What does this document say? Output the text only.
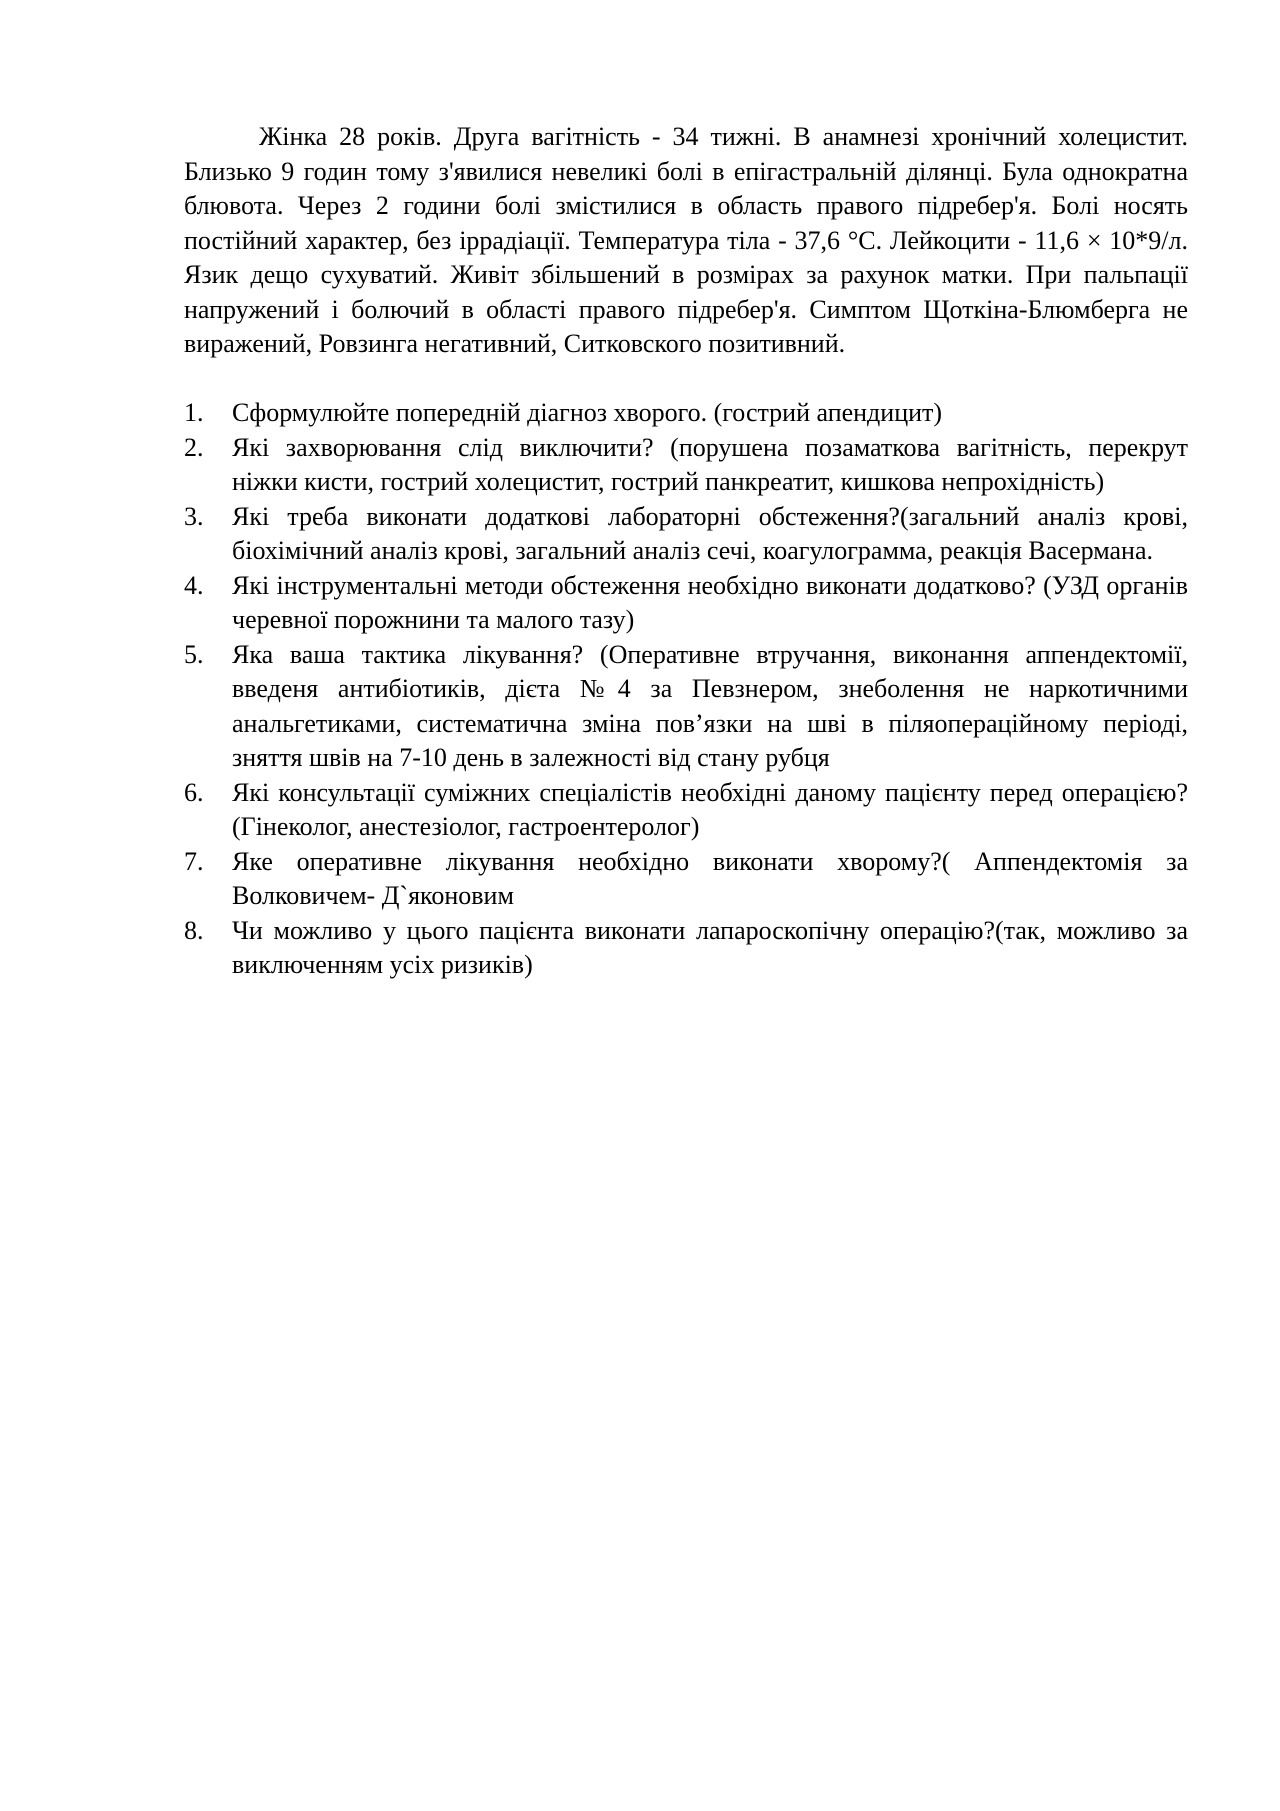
Жінка 28 років. Друга вагітність - 34 тижні. В анамнезі хронічний холецистит. Близько 9 годин тому з'явилися невеликі болі в епігастральній ділянці. Була однократна блювота. Через 2 години болі змістилися в область правого підребер'я. Болі носять постійний характер, без іррадіації. Температура тіла - 37,6 °С. Лейкоцити - 11,6 × 10*9/л. Язик дещо сухуватий. Живіт збільшений в розмірах за рахунок матки. При пальпації напружений і болючий в області правого підребер'я. Симптом Щоткіна-Блюмберга не виражений, Ровзинга негативний, Ситковского позитивний.

1. Сформулюйте попередній діагноз хворого. (гострий апендицит)
2. Які захворювання слід виключити? (порушена позаматкова вагітність, перекрут ніжки кисти, гострий холецистит, гострий панкреатит, кишкова непрохідність)
3. Які треба виконати додаткові лабораторні обстеження?(загальний аналіз крові, біохімічний аналіз крові, загальний аналіз сечі, коагулограмма, реакція Васермана.
4. Які інструментальні методи обстеження необхідно виконати додатково? (УЗД органів черевної порожнини та малого тазу)
5. Яка ваша тактика лікування? (Оперативне втручання, виконання аппендектомії, введеня антибіотиків, дієта №4 за Певзнером, знеболення не наркотичними анальгетиками, систематична зміна пов’язки на шві в піляопераційному періоді, зняття швів на 7-10 день в залежності від стану рубця
6. Які консультації суміжних спеціалістів необхідні даному пацієнту перед операцією?(Гінеколог, анестезіолог, гастроентеролог)
7. Яке оперативне лікування необхідно виконати хворому?( Аппендектомія за Волковичем- Д`яконовим
8. Чи можливо у цього пацієнта виконати лапароскопічну операцію?(так, можливо за виключенням усіх ризиків)
